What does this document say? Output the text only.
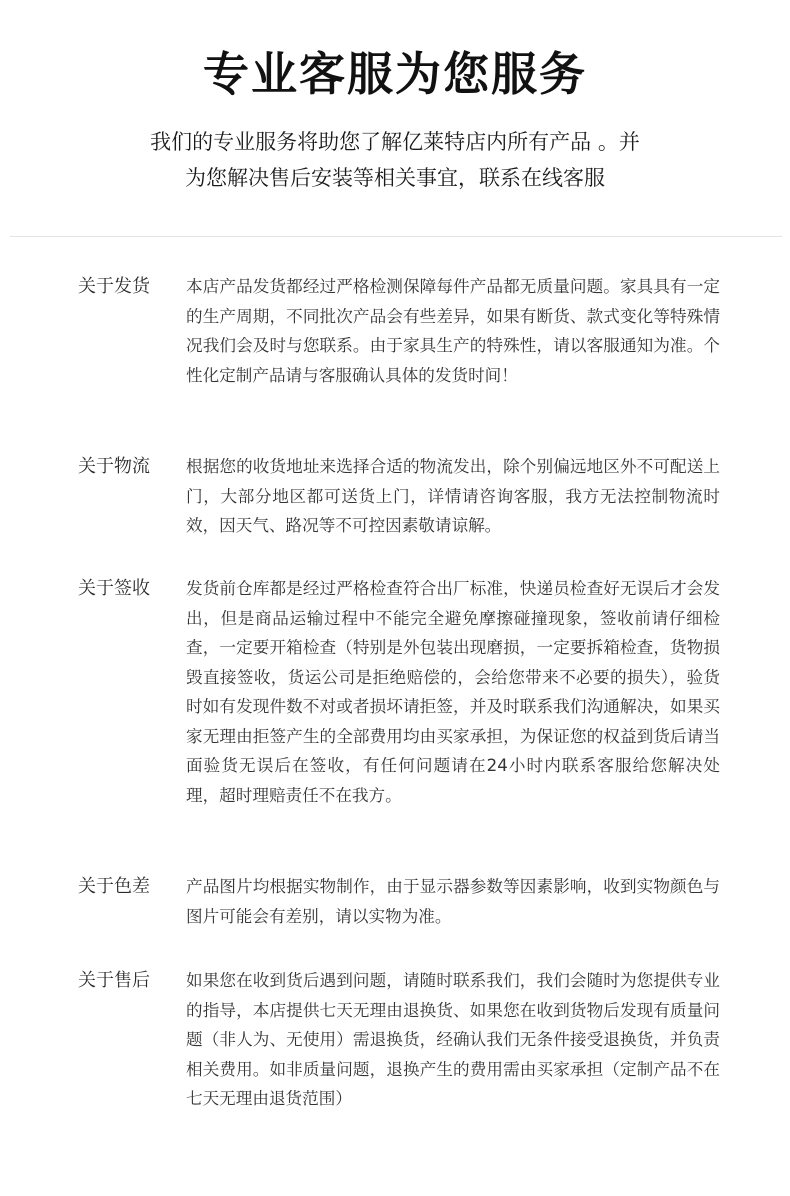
专业客服为您服务
我们的专业服务将助您了解亿莱特店内所有产品 。并
为您解决售后安装等相关事宜，联系在线客服
关于发货	本店产品发货都经过严格检测保障每件产品都无质量问题。家具具有一定的生产周期，不同批次产品会有些差异，如果有断货、款式变化等特殊情况我们会及时与您联系。由于家具生产的特殊性，请以客服通知为准。个性化定制产品请与客服确认具体的发货时间！
关于物流	根据您的收货地址来选择合适的物流发出，除个别偏远地区外不可配送上门，大部分地区都可送货上门，详情请咨询客服，我方无法控制物流时效，因天气、路况等不可控因素敬请谅解。
关于签收	发货前仓库都是经过严格检查符合出厂标准，快递员检查好无误后才会发出，但是商品运输过程中不能完全避免摩擦碰撞现象，签收前请仔细检查，一定要开箱检查（特别是外包装出现磨损，一定要拆箱检查，货物损毁直接签收，货运公司是拒绝赔偿的，会给您带来不必要的损失），验货时如有发现件数不对或者损坏请拒签，并及时联系我们沟通解决，如果买家无理由拒签产生的全部费用均由买家承担，为保证您的权益到货后请当面验货无误后在签收，有任何问题请在24小时内联系客服给您解决处理，超时理赔责任不在我方。
关于色差	产品图片均根据实物制作，由于显示器参数等因素影响，收到实物颜色与图片可能会有差别，请以实物为准。
关于售后	如果您在收到货后遇到问题，请随时联系我们，我们会随时为您提供专业的指导，本店提供七天无理由退换货、如果您在收到货物后发现有质量问题（非人为、无使用）需退换货，经确认我们无条件接受退换货，并负责相关费用。如非质量问题，退换产生的费用需由买家承担（定制产品不在七天无理由退货范围）
